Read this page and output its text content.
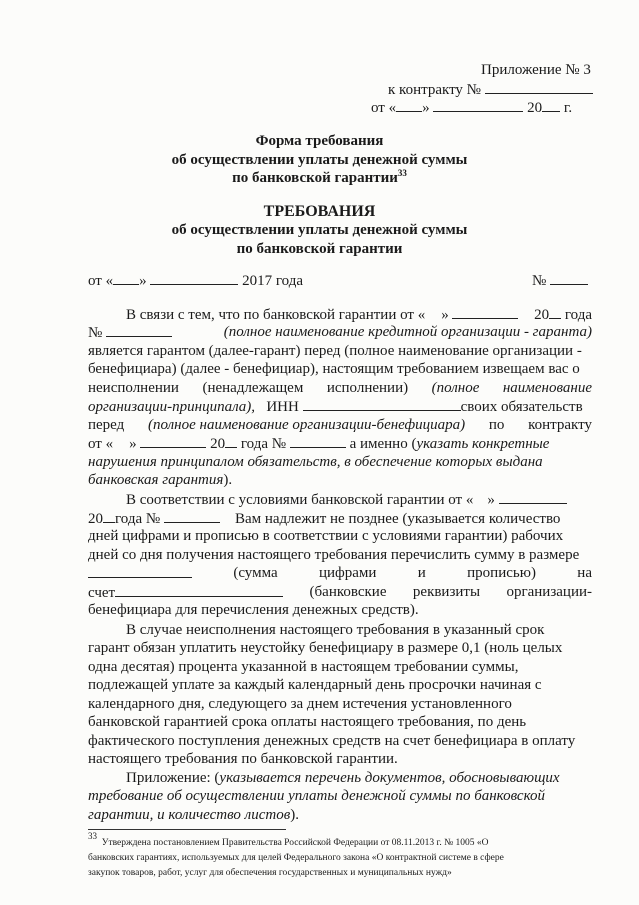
Приложение № 3
к контракту №
от « »	20 г.
Форма требования
об осуществлении уплаты денежной суммы
по банковской гарантии$^{33}$
ТРЕБОВАНИЯ
об осуществлении уплаты денежной суммы
по банковской гарантии
от « »	2017 года	№
В связи с тем, что по банковской гарантии от « »	20 года
№	(полное наименование кредитной организации - гаранта)
является гарантом (далее-гарант) перед (полное наименование организации -
бенефициара) (далее - бенефициар), настоящим требованием извещаем вас о
неисполнении (ненадлежащем исполнении) (полное наименование
организации-принципала), ИНН	своих обязательств
перед (полное наименование организации-бенефициара) по контракту
от « »	20 года №	а именно (указать конкретные
нарушения принципалом обязательств, в обеспечение которых выдана
банковская гарантия).
В соответствии с условиями банковской гарантии от « »
20 года №	Вам надлежит не позднее (указывается количество
дней цифрами и прописью в соответствии с условиями гарантии) рабочих
дней со дня получения настоящего требования перечислить сумму в размере
(сумма	цифрами	и	прописью)	на
счет	(банковские реквизиты организации-
бенефициара для перечисления денежных средств).
В случае неисполнения настоящего требования в указанный срок
гарант обязан уплатить неустойку бенефициару в размере 0,1 (ноль целых
одна десятая) процента указанной в настоящем требовании суммы,
подлежащей уплате за каждый календарный день просрочки начиная с
календарного дня, следующего за днем истечения установленного
банковской гарантией срока оплаты настоящего требования, по день
фактического поступления денежных средств на счет бенефициара в оплату
настоящего требования по банковской гарантии.
Приложение: (указывается перечень документов, обосновывающих
требование об осуществлении уплаты денежной суммы по банковской
гарантии, и количество листов).
$^{33}$  Утверждена постановлением Правительства Российской Федерации от 08.11.2013 г. № 1005 «О
банковских гарантиях, используемых для целей Федерального закона «О контрактной системе в сфере
закупок товаров, работ, услуг для обеспечения государственных и муниципальных нужд»
